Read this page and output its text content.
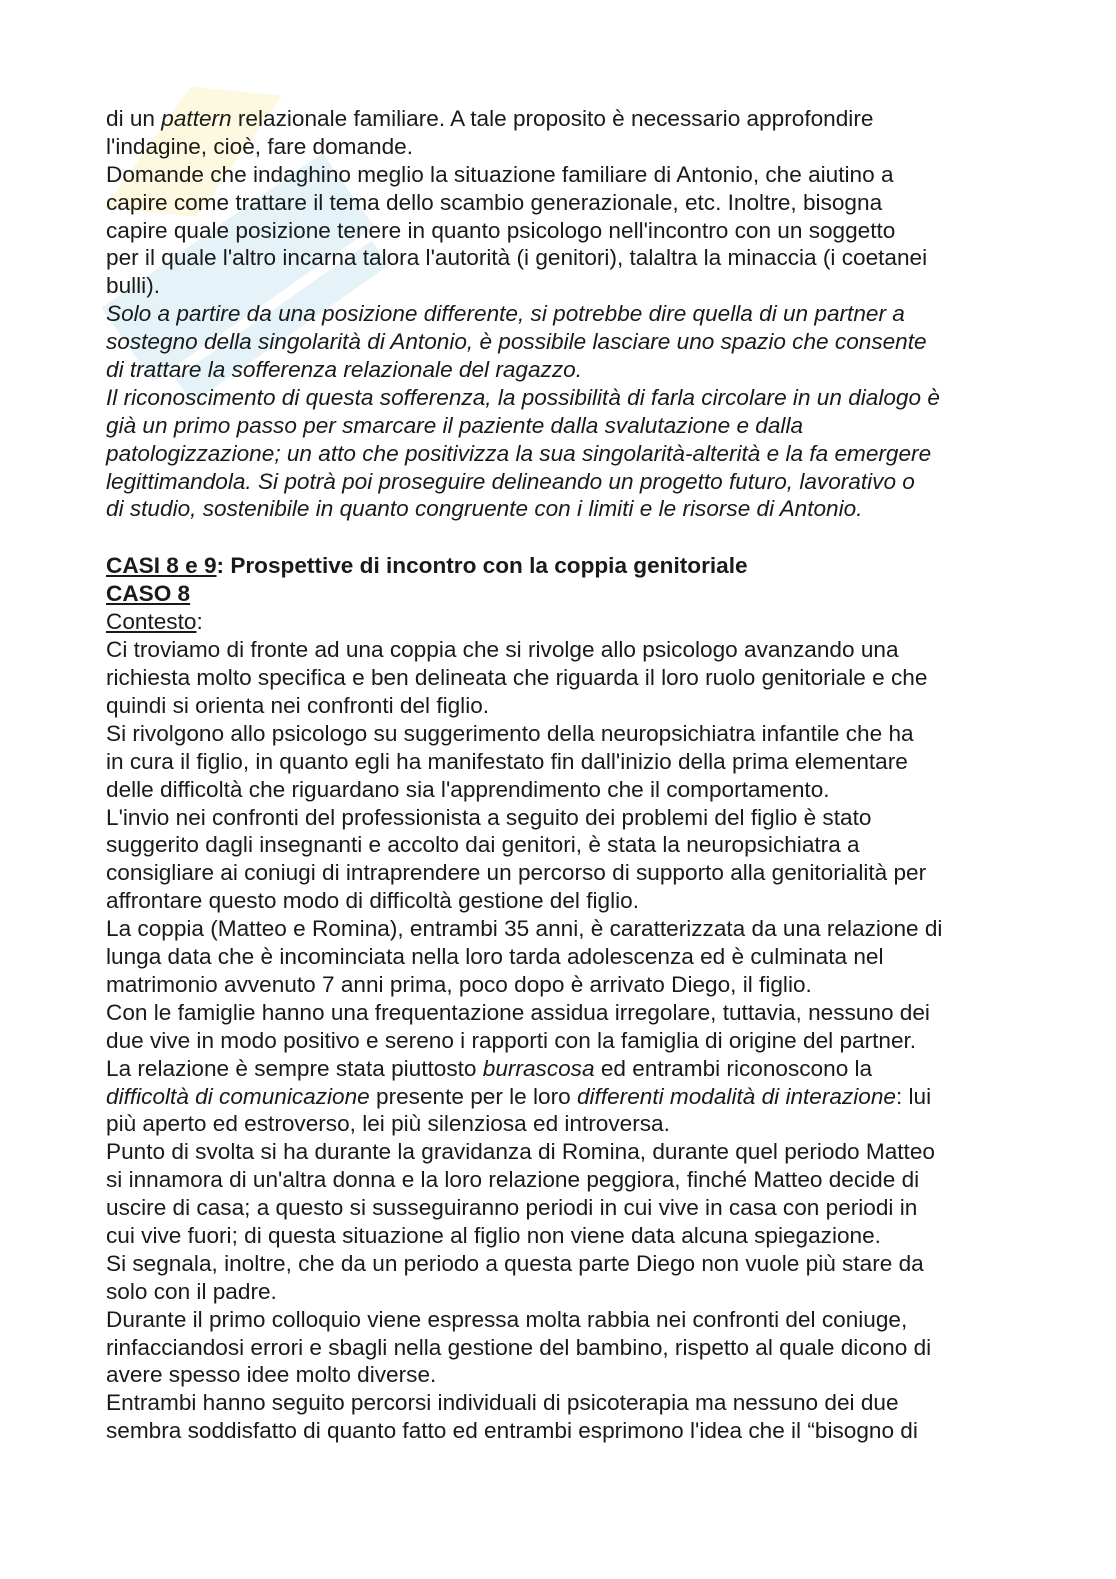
di un pattern relazionale familiare. A tale proposito è necessario approfondire
l'indagine, cioè, fare domande.
Domande che indaghino meglio la situazione familiare di Antonio, che aiutino a
capire come trattare il tema dello scambio generazionale, etc. Inoltre, bisogna
capire quale posizione tenere in quanto psicologo nell'incontro con un soggetto
per il quale l'altro incarna talora l'autorità (i genitori), talaltra la minaccia (i coetanei
bulli).
Solo a partire da una posizione differente, si potrebbe dire quella di un partner a
sostegno della singolarità di Antonio, è possibile lasciare uno spazio che consente
di trattare la sofferenza relazionale del ragazzo.
Il riconoscimento di questa sofferenza, la possibilità di farla circolare in un dialogo è
già un primo passo per smarcare il paziente dalla svalutazione e dalla
patologizzazione; un atto che positivizza la sua singolarità-alterità e la fa emergere
legittimandola. Si potrà poi proseguire delineando un progetto futuro, lavorativo o
di studio, sostenibile in quanto congruente con i limiti e le risorse di Antonio.
CASI 8 e 9: Prospettive di incontro con la coppia genitoriale
CASO 8
Contesto:
Ci troviamo di fronte ad una coppia che si rivolge allo psicologo avanzando una
richiesta molto specifica e ben delineata che riguarda il loro ruolo genitoriale e che
quindi si orienta nei confronti del figlio.
Si rivolgono allo psicologo su suggerimento della neuropsichiatra infantile che ha
in cura il figlio, in quanto egli ha manifestato fin dall'inizio della prima elementare
delle difficoltà che riguardano sia l'apprendimento che il comportamento.
L'invio nei confronti del professionista a seguito dei problemi del figlio è stato
suggerito dagli insegnanti e accolto dai genitori, è stata la neuropsichiatra a
consigliare ai coniugi di intraprendere un percorso di supporto alla genitorialità per
affrontare questo modo di difficoltà gestione del figlio.
La coppia (Matteo e Romina), entrambi 35 anni, è caratterizzata da una relazione di
lunga data che è incominciata nella loro tarda adolescenza ed è culminata nel
matrimonio avvenuto 7 anni prima, poco dopo è arrivato Diego, il figlio.
Con le famiglie hanno una frequentazione assidua irregolare, tuttavia, nessuno dei
due vive in modo positivo e sereno i rapporti con la famiglia di origine del partner.
La relazione è sempre stata piuttosto burrascosa ed entrambi riconoscono la
difficoltà di comunicazione presente per le loro differenti modalità di interazione: lui
più aperto ed estroverso, lei più silenziosa ed introversa.
Punto di svolta si ha durante la gravidanza di Romina, durante quel periodo Matteo
si innamora di un'altra donna e la loro relazione peggiora, finché Matteo decide di
uscire di casa; a questo si susseguiranno periodi in cui vive in casa con periodi in
cui vive fuori; di questa situazione al figlio non viene data alcuna spiegazione.
Si segnala, inoltre, che da un periodo a questa parte Diego non vuole più stare da
solo con il padre.
Durante il primo colloquio viene espressa molta rabbia nei confronti del coniuge,
rinfacciandosi errori e sbagli nella gestione del bambino, rispetto al quale dicono di
avere spesso idee molto diverse.
Entrambi hanno seguito percorsi individuali di psicoterapia ma nessuno dei due
sembra soddisfatto di quanto fatto ed entrambi esprimono l'idea che il “bisogno di
